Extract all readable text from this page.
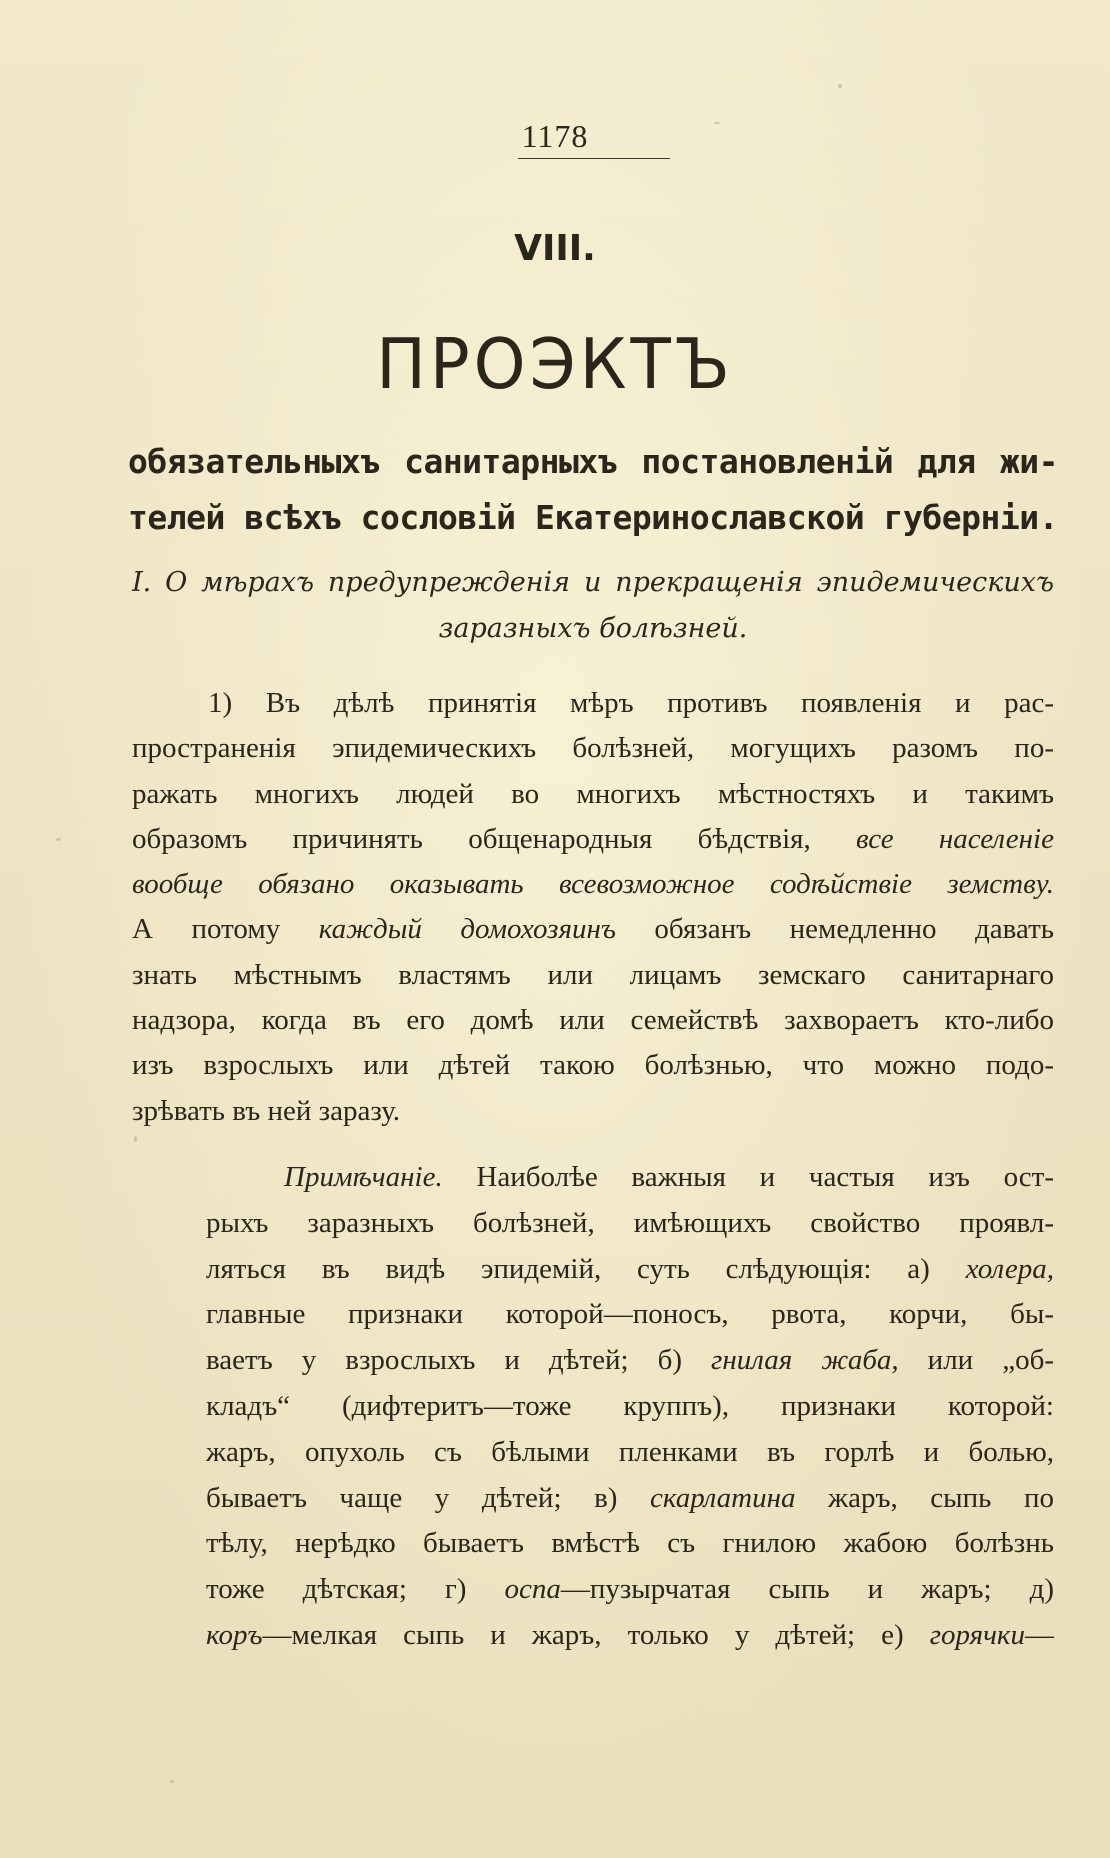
1178
VIII.
ПРОЭКТЪ
обязательныхъ санитарныхъ постановленій для жи-
телей всѣхъ сословій Екатеринославской губерніи.
I. О мѣрахъ предупрежденія и прекращенія эпидемическихъ
заразныхъ болѣзней.
1) Въ дѣлѣ принятія мѣръ противъ появленія и рас-
пространенія эпидемическихъ болѣзней, могущихъ разомъ по-
ражать многихъ людей во многихъ мѣстностяхъ и такимъ
образомъ причинять общенародныя бѣдствія, все населеніе
вообще обязано оказывать всевозможное содѣйствіе земству.
А потому каждый домохозяинъ обязанъ немедленно давать
знать мѣстнымъ властямъ или лицамъ земскаго санитарнаго
надзора, когда въ его домѣ или семействѣ захвораетъ кто-либо
изъ взрослыхъ или дѣтей такою болѣзнью, что можно подо-
зрѣвать въ ней заразу.
Примѣчаніе. Наиболѣе важныя и частыя изъ ост-
рыхъ заразныхъ болѣзней, имѣющихъ свойство проявл-
ляться въ видѣ эпидемій, суть слѣдующія: а) холера,
главные признаки которой—поносъ, рвота, корчи, бы-
ваетъ у взрослыхъ и дѣтей; б) гнилая жаба, или „об-
кладъ“ (дифтеритъ—тоже круппъ), признаки которой:
жаръ, опухоль съ бѣлыми пленками въ горлѣ и болью,
бываетъ чаще у дѣтей; в) скарлатина жаръ, сыпь по
тѣлу, нерѣдко бываетъ вмѣстѣ съ гнилою жабою болѣзнь
тоже дѣтская; г) оспа—пузырчатая сыпь и жаръ; д)
коръ—мелкая сыпь и жаръ, только у дѣтей; е) горячки—
